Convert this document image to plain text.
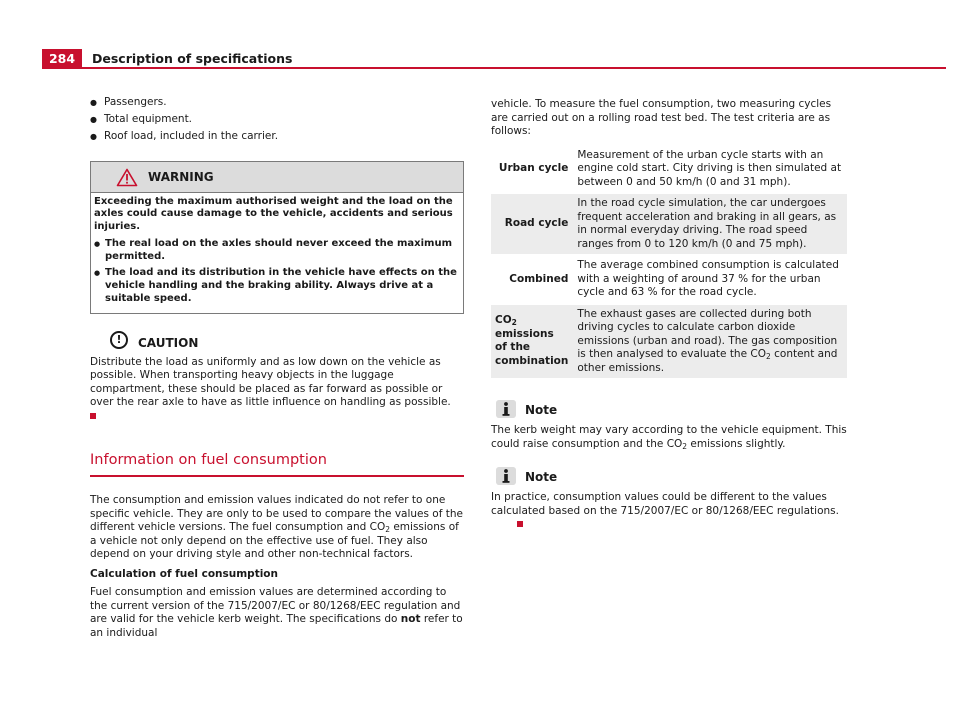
284	Description of specifications
● Passengers.
● Total equipment.
● Roof load, included in the carrier.
WARNING

Exceeding the maximum authorised weight and the load on the axles could cause damage to the vehicle, accidents and serious injuries.

● The real load on the axles should never exceed the maximum permitted.

● The load and its distribution in the vehicle have effects on the vehicle handling and the braking ability. Always drive at a suitable speed.

!	CAUTION

Distribute the load as uniformly and as low down on the vehicle as possible. When transporting heavy objects in the luggage compartment, these should be placed as far forward as possible or over the rear axle to have as little influence on handling as possible.

Information on fuel consumption

The consumption and emission values indicated do not refer to one specific vehicle. They are only to be used to compare the values of the different vehicle versions. The fuel consumption and $CO_2$ emissions of a vehicle not only depend on the effective use of fuel. They also depend on your driving style and other non-technical factors.

Calculation of fuel consumption

Fuel consumption and emission values are determined according to the current version of the 715/2007/EC or 80/1268/EEC regulation and are valid for the vehicle kerb weight. The specifications do not refer to an individual

vehicle. To measure the fuel consumption, two measuring cycles are carried out on a rolling road test bed. The test criteria are as follows:

Urban cycle	Measurement of the urban cycle starts with an engine cold start. City driving is then simulated at between 0 and 50 km/h (0 and 31 mph).
Road cycle	In the road cycle simulation, the car undergoes frequent acceleration and braking in all gears, as in normal everyday driving. The road speed ranges from 0 to 120 km/h (0 and 75 mph).
Combined	The average combined consumption is calculated with a weighting of around 37 % for the urban cycle and 63 % for the road cycle.
$CO_2$ emissions of the combination	The exhaust gases are collected during both driving cycles to calculate carbon dioxide emissions (urban and road). The gas composition is then analysed to evaluate the $CO_2$ content and other emissions.
Note

The kerb weight may vary according to the vehicle equipment. This could raise consumption and the $CO_2$ emissions slightly.

Note

In practice, consumption values could be different to the values calculated based on the 715/2007/EC or 80/1268/EEC regulations.
